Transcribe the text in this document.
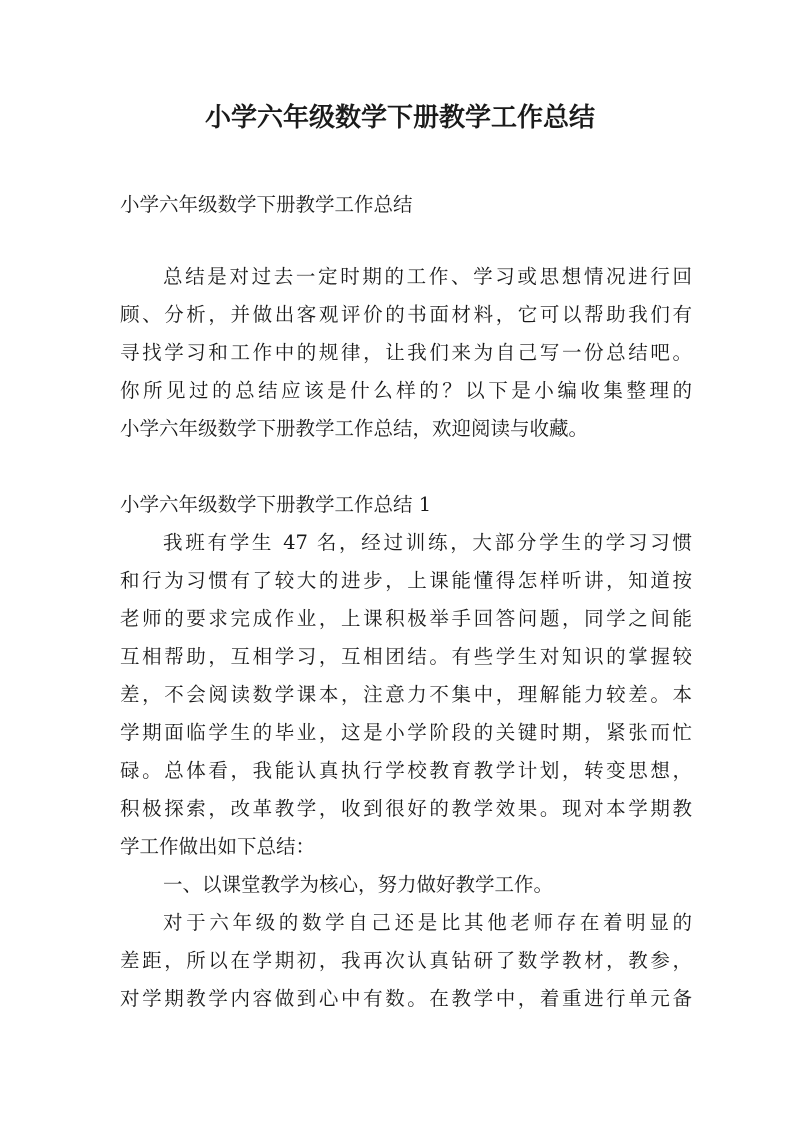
小学六年级数学下册教学工作总结

小学六年级数学下册教学工作总结

总结是对过去一定时期的工作、学习或思想情况进行回

顾、分析，并做出客观评价的书面材料，它可以帮助我们有

寻找学习和工作中的规律，让我们来为自己写一份总结吧。

你所见过的总结应该是什么样的？以下是小编收集整理的

小学六年级数学下册教学工作总结，欢迎阅读与收藏。

小学六年级数学下册教学工作总结 1

我班有学生 47 名，经过训练，大部分学生的学习习惯

和行为习惯有了较大的进步，上课能懂得怎样听讲，知道按

老师的要求完成作业，上课积极举手回答问题，同学之间能

互相帮助，互相学习，互相团结。有些学生对知识的掌握较

差，不会阅读数学课本，注意力不集中，理解能力较差。本

学期面临学生的毕业，这是小学阶段的关键时期，紧张而忙

碌。总体看，我能认真执行学校教育教学计划，转变思想，

积极探索，改革教学，收到很好的教学效果。现对本学期教

学工作做出如下总结：

一、以课堂教学为核心，努力做好教学工作。

对于六年级的数学自己还是比其他老师存在着明显的

差距，所以在学期初，我再次认真钻研了数学教材，教参，

对学期教学内容做到心中有数。在教学中，着重进行单元备
